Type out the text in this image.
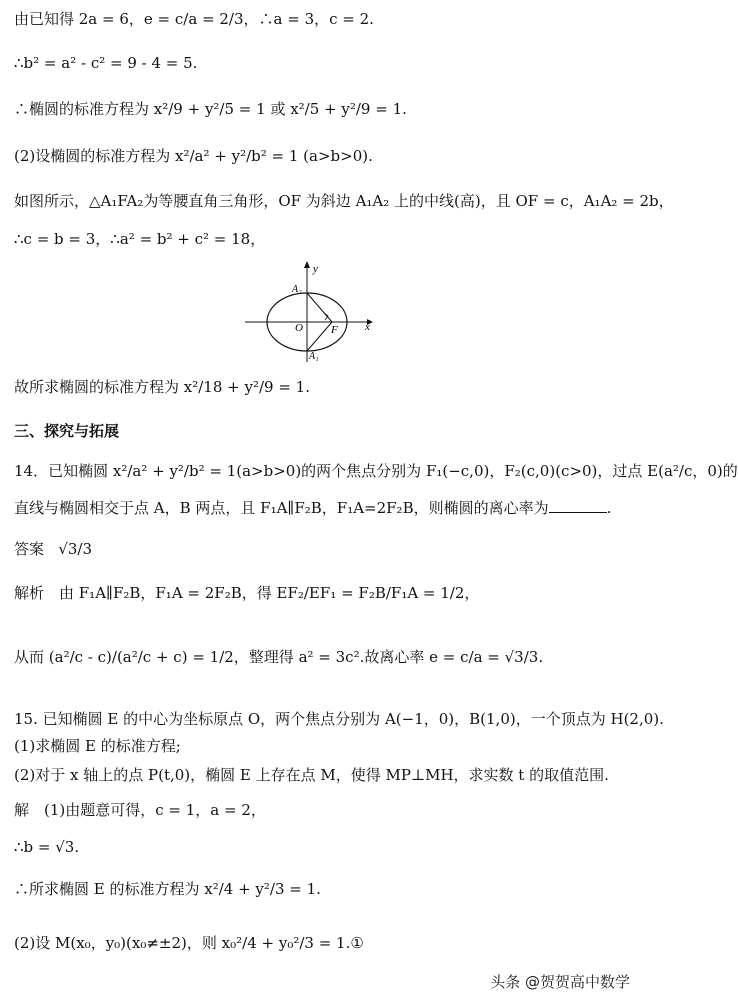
由已知得 2a = 6，e = c/a = 2/3，∴a = 3，c = 2.
∴b² = a² - c² = 9 - 4 = 5.
∴椭圆的标准方程为 x²/9 + y²/5 = 1 或 x²/5 + y²/9 = 1.
(2)设椭圆的标准方程为 x²/a² + y²/b² = 1 (a>b>0).
如图所示，△A₁FA₂为等腰直角三角形，OF 为斜边 A₁A₂ 上的中线(高)，且 OF = c，A₁A₂ = 2b，
∴c = b = 3，∴a² = b² + c² = 18，
y
x
O	F
A₂
A₁
故所求椭圆的标准方程为 x²/18 + y²/9 = 1.
三、探究与拓展
14．已知椭圆 x²/a² + y²/b² = 1(a>b>0)的两个焦点分别为 F₁(−c,0)，F₂(c,0)(c>0)，过点 E(a²/c，0)的
直线与椭圆相交于点 A，B 两点，且 F₁A∥F₂B，F₁A=2F₂B，则椭圆的离心率为	.
答案 √3/3
解析　由 F₁A∥F₂B，F₁A = 2F₂B，得 EF₂/EF₁ = F₂B/F₁A = 1/2，
从而 (a²/c - c)/(a²/c + c) = 1/2，整理得 a² = 3c².故离心率 e = c/a = √3/3.
15. 已知椭圆 E 的中心为坐标原点 O，两个焦点分别为 A(−1，0)，B(1,0)，一个顶点为 H(2,0).
(1)求椭圆 E 的标准方程;
(2)对于 x 轴上的点 P(t,0)，椭圆 E 上存在点 M，使得 MP⊥MH，求实数 t 的取值范围.
解　(1)由题意可得，c = 1，a = 2，
∴b = √3.
∴所求椭圆 E 的标准方程为 x²/4 + y²/3 = 1.
(2)设 M(x₀，y₀)(x₀≠±2)，则 x₀²/4 + y₀²/3 = 1.①
头条 @贺贺高中数学
